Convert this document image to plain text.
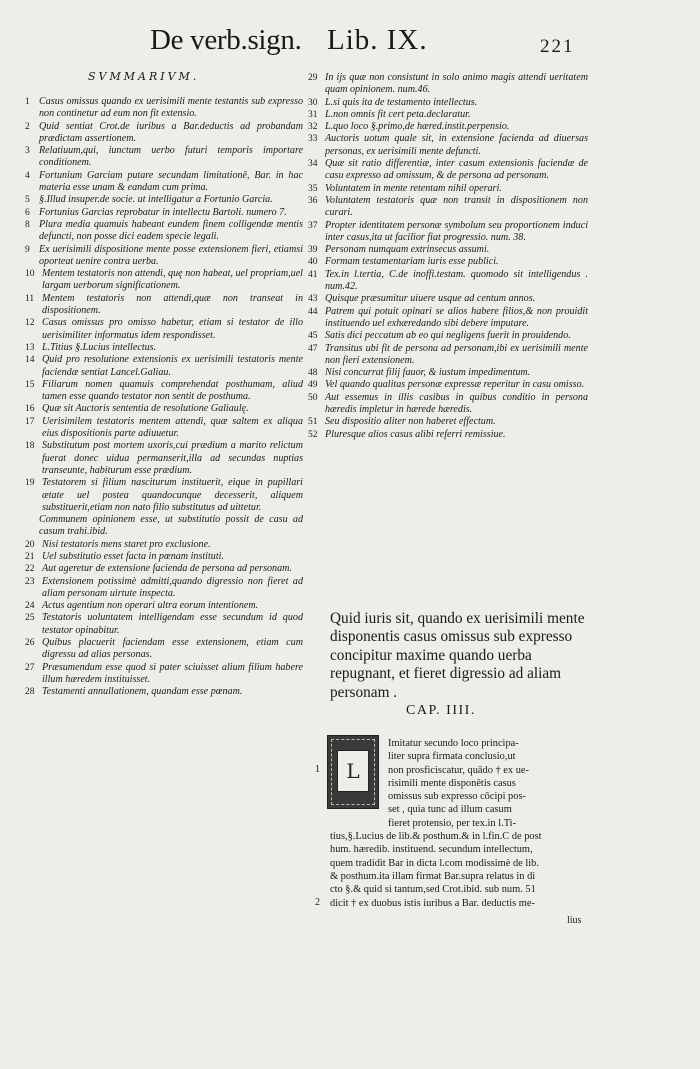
De verb.sign. Lib. IX.	221
SVMMARIVM.
1 Casus omissus quando ex uerisimili mente testantis sub expresso non continetur ad eum non fit extensio.
2 Quid sentiat Crot.de iuribus a Bar.deductis ad probandam prædictam assertionem.
3 Relatiuum,qui, iunctum uerbo futuri temporis importare conditionem.
4 Fortunium Garciam putare secundam limitationē, Bar. in hac materia esse unam & eandam cum prima.
5 §.Illud insuper.de socie. ut intelligatur a Fortunio Garcia.
6 Fortunius Garcias reprobatur in intellectu Bartoli. numero 7.
8 Plura media quamuis habeant eundem finem colligendæ mentis defuncti, non posse dici eadem specie legali.
9 Ex uerisimili dispositione mente posse extensionem fieri, etiamsi oporteat uenire contra uerba.
10 Mentem testatoris non attendi, quę non habeat, uel propriam,uel largam uerborum significationem.
11 Mentem testatoris non attendi,quæ non transeat in dispositionem.
12 Casus omissus pro omisso habetur, etiam si testator de illo uerisimiliter informatus idem respondisset.
13 L.Titius §.Lucius intellectus.
14 Quid pro resolutione extensionis ex uerisimili testatoris mente faciendæ sentiat Lancel.Galiau.
15 Filiarum nomen quamuis comprehendat posthumam, aliud tamen esse quando testator non sentit de posthuma.
16 Quæ sit Auctoris sententia de resolutione Galiaulę.
17 Uerisimilem testatoris mentem attendi, quæ saltem ex aliqua eius dispositionis parte adiuuetur.
18 Substitutum post mortem uxoris,cui prædium a marito relictum fuerat donec uidua permanserit,illa ad secundas nuptias transeunte, habiturum esse prædium.
19 Testatorem si filium nasciturum instituerit, eique in pupillari ætate uel postea quandocunque decesserit, aliquem substituerit,etiam non nato filio substitutus ad uittetur.
Communem opinionem esse, ut substitutio possit de casu ad casum trahi.ibid.
20 Nisi testatoris mens staret pro exclusione.
21 Uel substitutio esset facta in pœnam instituti.
22 Aut ageretur de extensione facienda de persona ad personam.
23 Extensionem potissimè admitti,quando digressio non fieret ad aliam personam uirtute inspecta.
24 Actus agentium non operari ultra eorum intentionem.
25 Testatoris uoluntatem intelligendam esse secundum id quod testator opinabitur.
26 Quibus placuerit faciendam esse extensionem, etiam cum digressu ad alias personas.
27 Præsumendum esse quod si pater sciuisset alium filium habere illum hæredem instituisset.
28 Testamenti annullationem, quandam esse pœnam.
29 In ijs quæ non consistunt in solo animo magis attendi ueritatem quam opinionem. num.46.
30 L.si quis ita de testamento intellectus.
31 L.non omnis fit cert peta.declaratur.
32 L.quo loco §.primo,de hæred.instit.perpensio.
33 Auctoris uotum quale sit, in extensione facienda ad diuersas personas, ex uerisimili mente defuncti.
34 Quæ sit ratio differentiæ, inter casum extensionis faciendæ de casu expresso ad omissum, & de persona ad personam.
35 Voluntatem in mente retentam nihil operari.
36 Voluntatem testatoris quæ non transit in dispositionem non curari.
37 Propter identitatem personæ symbolum seu proportionem induci inter casus,ita ut facilior fiat progressio. num. 38.
39 Personam numquam extrinsecus assumi.
40 Formam testamentariam iuris esse publici.
41 Tex.in l.tertia, C.de inoffi.testam. quomodo sit intelligendus . num.42.
43 Quisque præsumitur uiuere usque ad centum annos.
44 Patrem qui potuit opinari se alios habere filios,& non prouidit instituendo uel exhæredando sibi debere imputare.
45 Satis dici peccatum ab eo qui negligens fuerit in prouidendo.
47 Transitus ubi fit de persona ad personam,ibi ex uerisimili mente non fieri extensionem.
48 Nisi concurrat filij fauor, & iustum impedimentum.
49 Vel quando qualitas personæ expressæ reperitur in casu omisso.
50 Aut essemus in illis casibus in quibus conditio in persona hæredis impletur in hærede hæredis.
51 Seu dispositio aliter non haberet effectum.
52 Pluresque alios casus alibi referri remissiue.
Quid iuris sit, quando ex uerisimili mente disponentis casus omissus sub expresso concipitur maxime quando uerba repugnant, et fieret digressio ad aliam personam .
CAP. IIII.
L
Imitatur secundo loco principa-
liter supra firmata conclusio,ut
non prosficiscatur, quādo † ex ue-
risimili mente disponētis casus
omissus sub expresso cōcipi pos-
set , quia tunc ad illum casum
fieret protensio, per tex.in l.Ti-
tius,§.Lucius de lib.& posthum.& in l.fin.C de post
hum. hæredib. instituend. secundum intellectum,
quem tradidit Bar in dicta l.com modissimè de lib.
& posthum.ita illam firmat Bar.supra relatus in di
cto §.& quid si tantum,sed Crot.ibid. sub num. 51
dicit † ex duobus istis iuribus a Bar. deductis me-
1
2
lius
